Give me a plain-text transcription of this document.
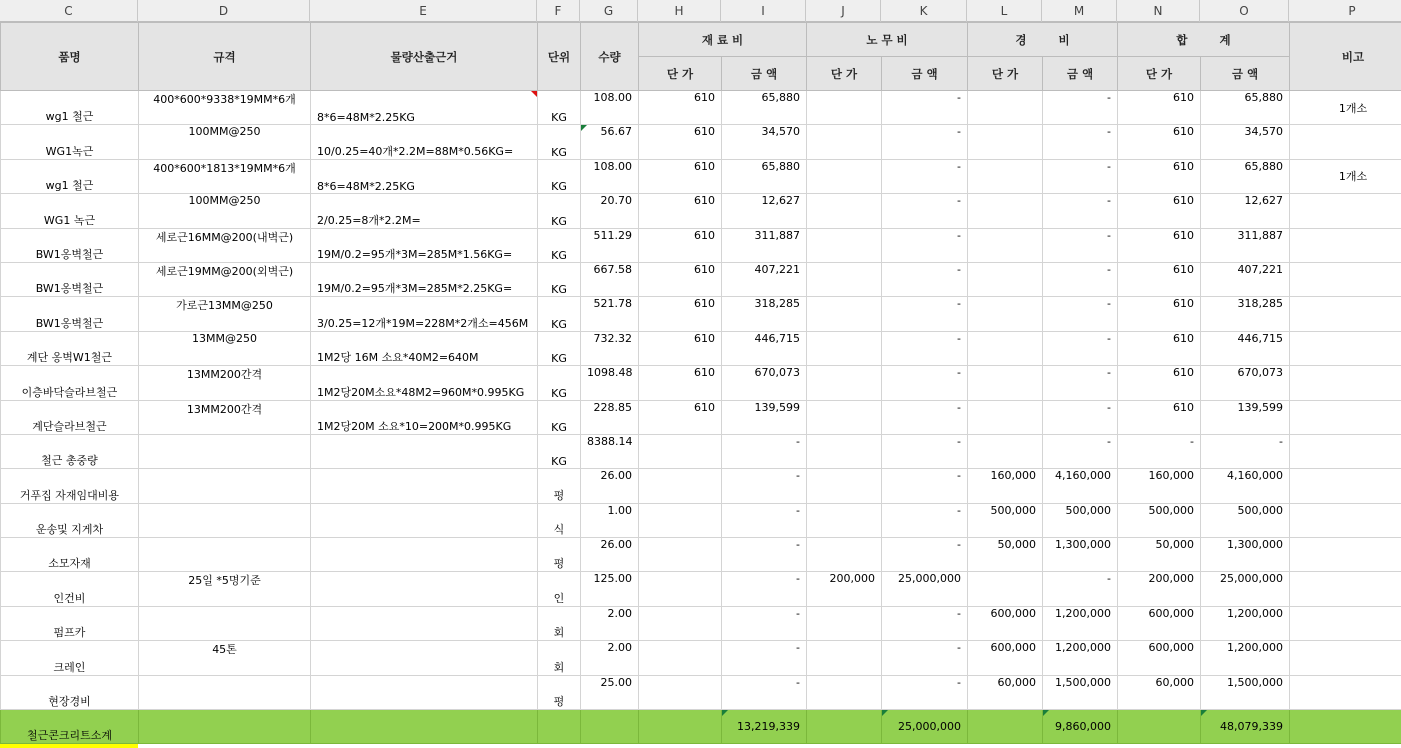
C	D	E	F	G	H	I	J	K	L	M	N	O	P
품명	규격	물량산출근거	단위	수량	재 료 비		노 무 비		경        비		합        계		비고
					단 가	금 액	단 가	금 액	단 가	금 액	단 가	금 액	
wg1 철근	400*600*9338*19MM*6개	8*6=48M*2.25KG	KG	108.00	610	65,880		-		-	610	65,880	1개소
WG1녹근	100MM@250	10/0.25=40개*2.2M=88M*0.56KG=	KG	56.67	610	34,570		-		-	610	34,570	
wg1 철근	400*600*1813*19MM*6개	8*6=48M*2.25KG	KG	108.00	610	65,880		-		-	610	65,880	1개소
WG1 녹근	100MM@250	2/0.25=8개*2.2M=	KG	20.70	610	12,627		-		-	610	12,627	
BW1옹벽철근	세로근16MM@200(내벽근)	19M/0.2=95개*3M=285M*1.56KG=	KG	511.29	610	311,887		-		-	610	311,887	
BW1옹벽철근	세로근19MM@200(외벽근)	19M/0.2=95개*3M=285M*2.25KG=	KG	667.58	610	407,221		-		-	610	407,221	
BW1옹벽철근	가로근13MM@250	3/0.25=12개*19M=228M*2개소=456M	KG	521.78	610	318,285		-		-	610	318,285	
계단 옹벽W1철근	13MM@250	1M2당 16M 소요*40M2=640M	KG	732.32	610	446,715		-		-	610	446,715	
이층바닥슬라브철근	13MM200간격	1M2당20M소요*48M2=960M*0.995KG	KG	1098.48	610	670,073		-		-	610	670,073	
계단슬라브철근	13MM200간격	1M2당20M 소요*10=200M*0.995KG	KG	228.85	610	139,599		-		-	610	139,599	
철근 총중량			KG	8388.14		-		-		-	-	-	
거푸집 자재임대비용			평	26.00		-		-	160,000	4,160,000	160,000	4,160,000	
운송및 지게차			식	1.00		-		-	500,000	500,000	500,000	500,000	
소모자재			평	26.00		-		-	50,000	1,300,000	50,000	1,300,000	
인건비	25일 *5명기준		인	125.00		-	200,000	25,000,000		-	200,000	25,000,000	
펌프카			회	2.00		-		-	600,000	1,200,000	600,000	1,200,000	
크레인	45톤		회	2.00		-		-	600,000	1,200,000	600,000	1,200,000	
현장경비			평	25.00		-		-	60,000	1,500,000	60,000	1,500,000	
철근콘크리트소계						13,219,339		25,000,000		9,860,000		48,079,339	
